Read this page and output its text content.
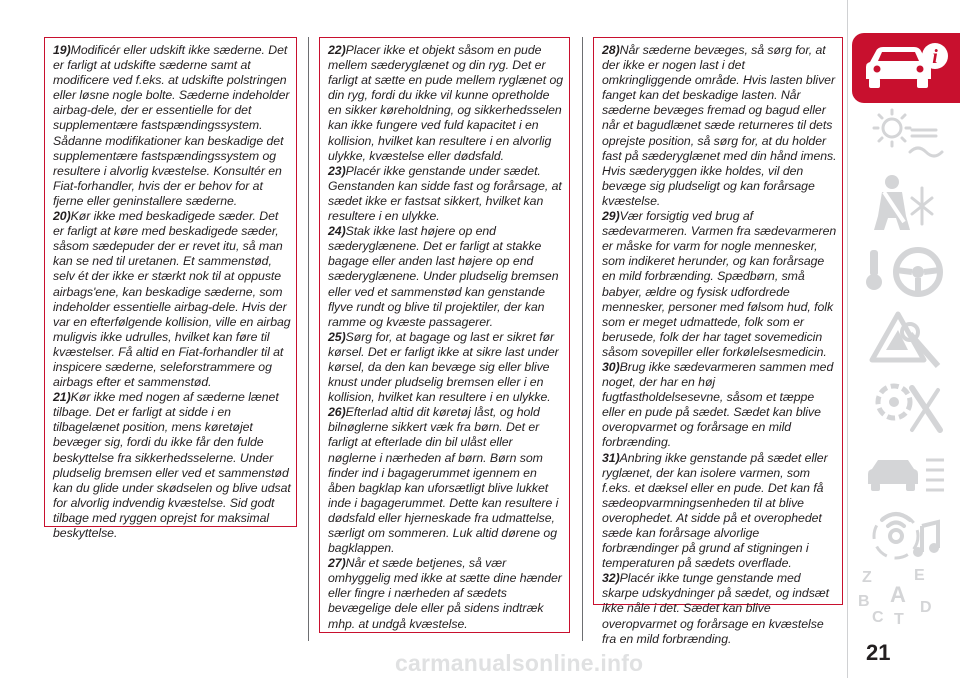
19)Modificér eller udskift ikke sæderne. Det er farligt at udskifte sæderne samt at modificere ved f.eks. at udskifte polstringen eller løsne nogle bolte. Sæderne indeholder airbag-dele, der er essentielle for det supplementære fastspændingssystem. Sådanne modifikationer kan beskadige det supplementære fastspændingssystem og resultere i alvorlig kvæstelse. Konsultér en Fiat-forhandler, hvis der er behov for at fjerne eller geninstallere sæderne.

20)Kør ikke med beskadigede sæder. Det er farligt at køre med beskadigede sæder, såsom sædepuder der er revet itu, så man kan se ned til uretanen. Et sammenstød, selv ét der ikke er stærkt nok til at oppuste airbags'ene, kan beskadige sæderne, som indeholder essentielle airbag-dele. Hvis der var en efterfølgende kollision, ville en airbag muligvis ikke udrulles, hvilket kan føre til kvæstelser. Få altid en Fiat-forhandler til at inspicere sæderne, seleforstrammere og airbags efter et sammenstød.

21)Kør ikke med nogen af sæderne lænet tilbage. Det er farligt at sidde i en tilbagelænet position, mens køretøjet bevæger sig, fordi du ikke får den fulde beskyttelse fra sikkerhedsselerne. Under pludselig bremsen eller ved et sammenstød kan du glide under skødselen og blive udsat for alvorlig indvendig kvæstelse. Sid godt tilbage med ryggen oprejst for maksimal beskyttelse.

22)Placer ikke et objekt såsom en pude mellem sæderyglænet og din ryg. Det er farligt at sætte en pude mellem ryglænet og din ryg, fordi du ikke vil kunne opretholde en sikker køreholdning, og sikkerhedsselen kan ikke fungere ved fuld kapacitet i en kollision, hvilket kan resultere i en alvorlig ulykke, kvæstelse eller dødsfald.

23)Placér ikke genstande under sædet. Genstanden kan sidde fast og forårsage, at sædet ikke er fastsat sikkert, hvilket kan resultere i en ulykke.

24)Stak ikke last højere op end sæderyglænene. Det er farligt at stakke bagage eller anden last højere op end sæderyglænene. Under pludselig bremsen eller ved et sammenstød kan genstande flyve rundt og blive til projektiler, der kan ramme og kvæste passagerer.

25)Sørg for, at bagage og last er sikret før kørsel. Det er farligt ikke at sikre last under kørsel, da den kan bevæge sig eller blive knust under pludselig bremsen eller i en kollision, hvilket kan resultere i en ulykke.

26)Efterlad altid dit køretøj låst, og hold bilnøglerne sikkert væk fra børn. Det er farligt at efterlade din bil ulåst eller nøglerne i nærheden af børn. Børn som finder ind i bagagerummet igennem en åben bagklap kan uforsætligt blive lukket inde i bagagerummet. Dette kan resultere i dødsfald eller hjerneskade fra udmattelse, særligt om sommeren. Luk altid dørene og bagklappen.

27)Når et sæde betjenes, så vær omhyggelig med ikke at sætte dine hænder eller fingre i nærheden af sædets bevægelige dele eller på sidens indtræk mhp. at undgå kvæstelse.

28)Når sæderne bevæges, så sørg for, at der ikke er nogen last i det omkringliggende område. Hvis lasten bliver fanget kan det beskadige lasten. Når sæderne bevæges fremad og bagud eller når et bagudlænet sæde returneres til dets oprejste position, så sørg for, at du holder fast på sæderyglænet med din hånd imens. Hvis sæderyggen ikke holdes, vil den bevæge sig pludseligt og kan forårsage kvæstelse.

29)Vær forsigtig ved brug af sædevarmeren. Varmen fra sædevarmeren er måske for varm for nogle mennesker, som indikeret herunder, og kan forårsage en mild forbrænding. Spædbørn, små babyer, ældre og fysisk udfordrede mennesker, personer med følsom hud, folk som er meget udmattede, folk som er berusede, folk der har taget sovemedicin såsom sovepiller eller forkølelsesmedicin.

30)Brug ikke sædevarmeren sammen med noget, der har en høj fugtfastholdelsesevne, såsom et tæppe eller en pude på sædet. Sædet kan blive overopvarmet og forårsage en mild forbrænding.

31)Anbring ikke genstande på sædet eller ryglænet, der kan isolere varmen, som f.eks. et dæksel eller en pude. Det kan få sædeopvarmningsenheden til at blive overophedet. At sidde på et overophedet sæde kan forårsage alvorlige forbrændinger på grund af stigningen i temperaturen på sædets overflade.

32)Placér ikke tunge genstande med skarpe udskydninger på sædet, og indsæt ikke nåle i det. Sædet kan blive overopvarmet og forårsage en kvæstelse fra en mild forbrænding.

i
Z	E
B A
C T
D
21
carmanualsonline.info
